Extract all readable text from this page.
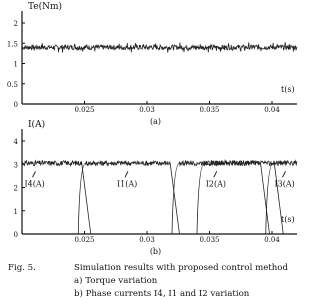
0
0.5
1
1.5
2
0.025	0.03	0.035	0.04
Te(Nm)
t(s)
(a)
0
1
2
3
4
0.025	0.03	0.035	0.04
I(A)
t(s)
(b)
I4(A)	I1(A)	I2(A)	I3(A)
Fig. 5.	Simulation results with proposed control method
a) Torque variation
b) Phase currents I4, I1 and I2 variation
